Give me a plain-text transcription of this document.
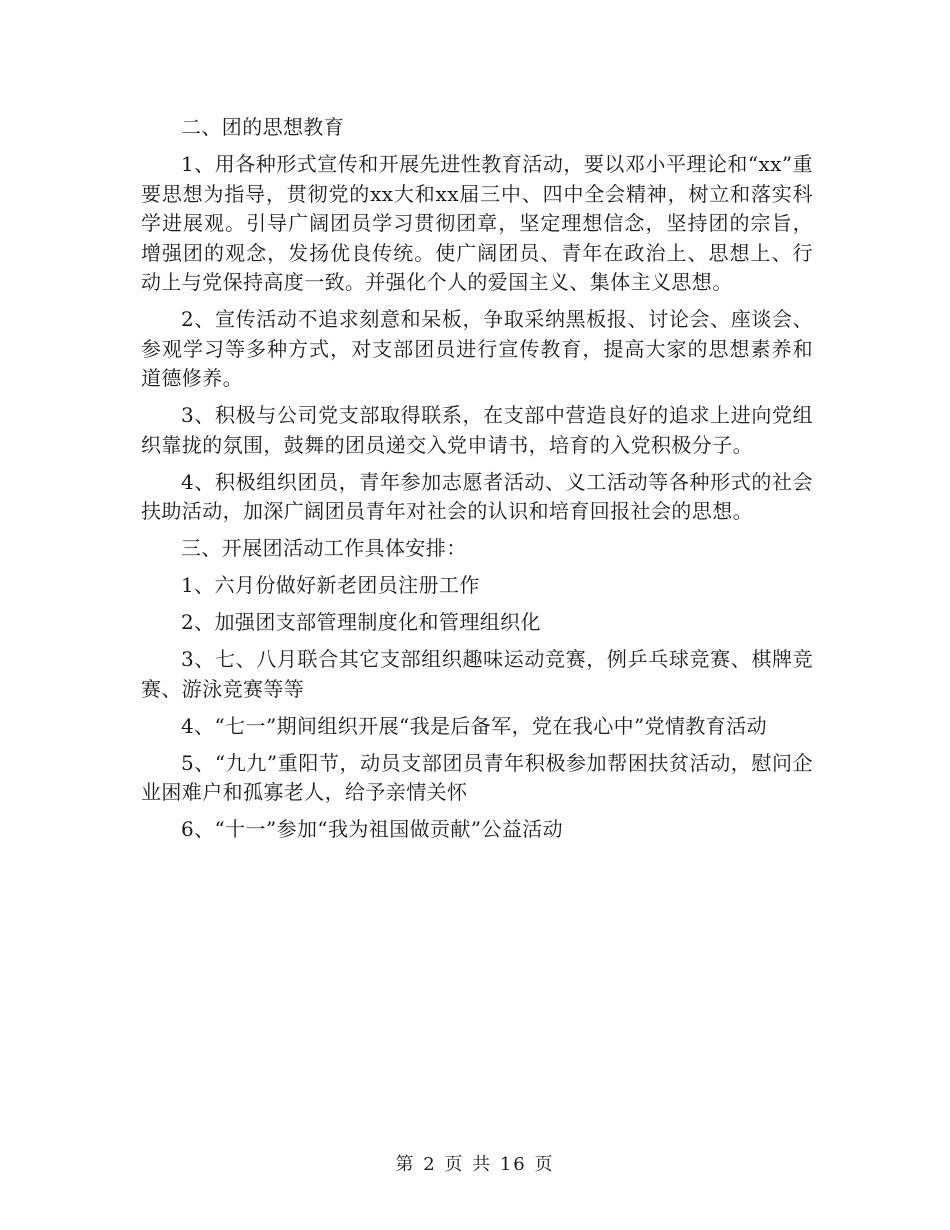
二、团的思想教育

1、用各种形式宣传和开展先进性教育活动，要以邓小平理论和“xx”重要思想为指导，贯彻党的xx大和xx届三中、四中全会精神，树立和落实科学进展观。引导广阔团员学习贯彻团章，坚定理想信念，坚持团的宗旨，增强团的观念，发扬优良传统。使广阔团员、青年在政治上、思想上、行动上与党保持高度一致。并强化个人的爱国主义、集体主义思想。

2、宣传活动不追求刻意和呆板，争取采纳黑板报、讨论会、座谈会、参观学习等多种方式，对支部团员进行宣传教育，提高大家的思想素养和道德修养。

3、积极与公司党支部取得联系，在支部中营造良好的追求上进向党组织靠拢的氛围，鼓舞的团员递交入党申请书，培育的入党积极分子。

4、积极组织团员，青年参加志愿者活动、义工活动等各种形式的社会扶助活动，加深广阔团员青年对社会的认识和培育回报社会的思想。

三、开展团活动工作具体安排：

1、六月份做好新老团员注册工作

2、加强团支部管理制度化和管理组织化

3、七、八月联合其它支部组织趣味运动竞赛，例乒乓球竞赛、棋牌竞赛、游泳竞赛等等

4、“七一”期间组织开展“我是后备军，党在我心中”党情教育活动

5、“九九”重阳节，动员支部团员青年积极参加帮困扶贫活动，慰问企业困难户和孤寡老人，给予亲情关怀

6、“十一”参加“我为祖国做贡献”公益活动

第 2 页 共 16 页
